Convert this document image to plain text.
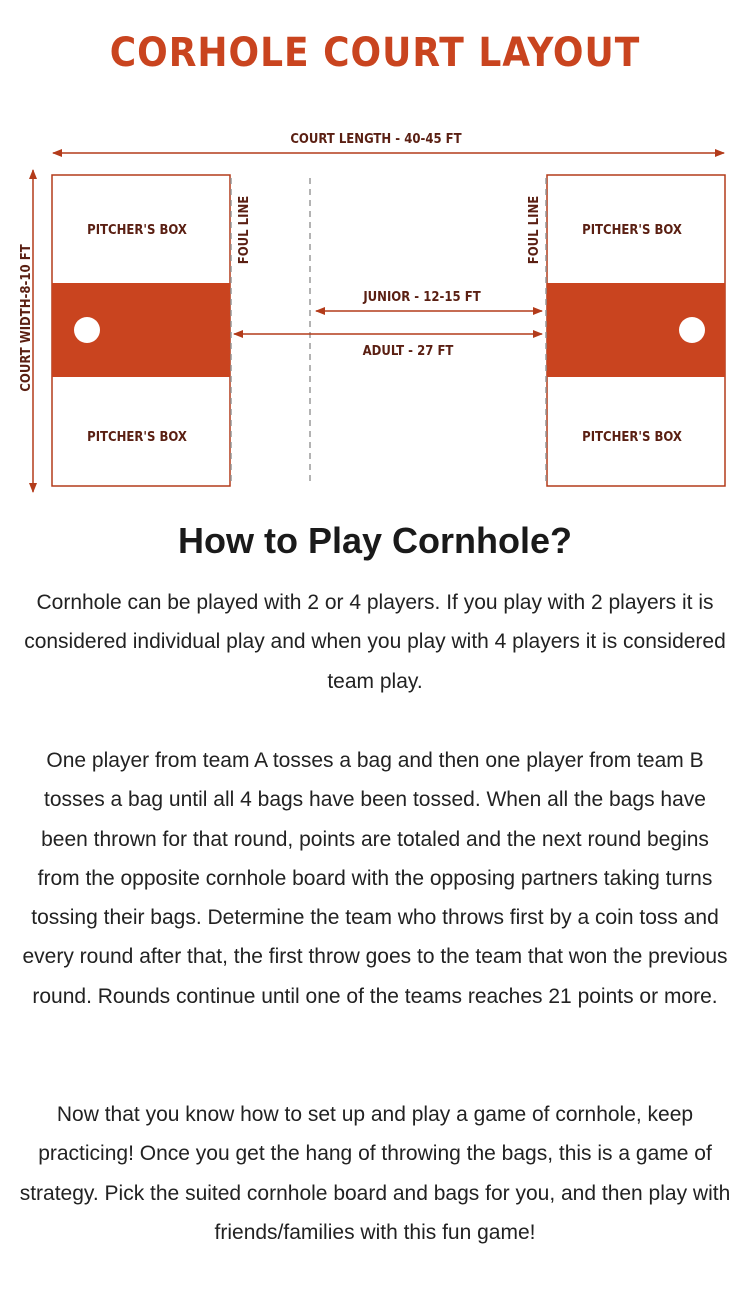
CORHOLE COURT LAYOUT
COURT LENGTH - 40-45 FT
COURT WIDTH-8-10 FT
PITCHER'S BOX
PITCHER'S BOX
PITCHER'S BOX
PITCHER'S BOX
FOUL LINE	FOUL LINE
JUNIOR - 12-15 FT
ADULT - 27 FT
How to Play Cornhole?

Cornhole can be played with 2 or 4 players. If you play with 2 players it is considered individual play and when you play with 4 players it is considered team play.

One player from team A tosses a bag and then one player from team B tosses a bag until all 4 bags have been tossed. When all the bags have been thrown for that round, points are totaled and the next round begins from the opposite cornhole board with the opposing partners taking turns tossing their bags. Determine the team who throws first by a coin toss and every round after that, the first throw goes to the team that won the previous round. Rounds continue until one of the teams reaches 21 points or more.

Now that you know how to set up and play a game of cornhole, keep practicing! Once you get the hang of throwing the bags, this is a game of strategy. Pick the suited cornhole board and bags for you, and then play with friends/families with this fun game!
